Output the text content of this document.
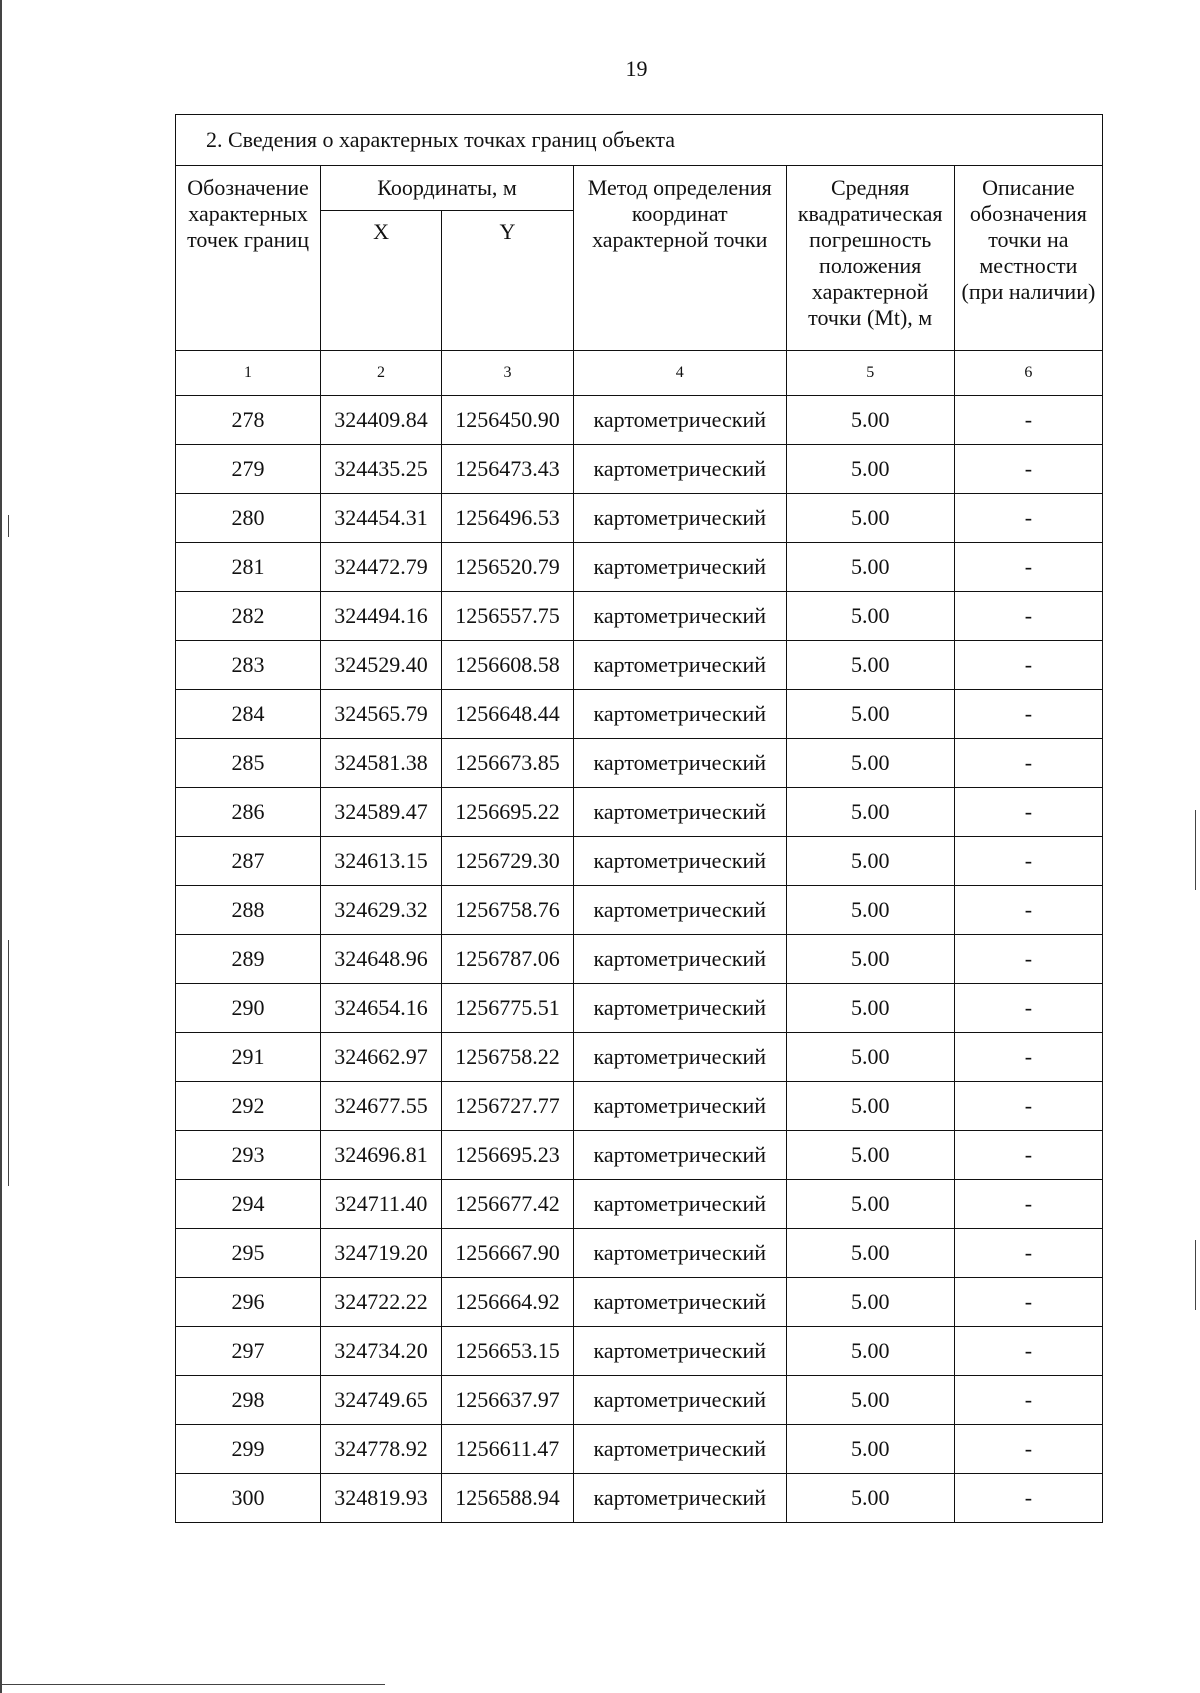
19
2. Сведения о характерных точках границ объекта					
Обозначение характерных точек границ	Координаты, м		Метод определения координат характерной точки	Средняя квадратическая погрешность положения характерной точки (Mt), м	Описание обозначения точки на местности (при наличии)
	X	Y			
1	2	3	4	5	6
278	324409.84	1256450.90	картометрический	5.00	-
279	324435.25	1256473.43	картометрический	5.00	-
280	324454.31	1256496.53	картометрический	5.00	-
281	324472.79	1256520.79	картометрический	5.00	-
282	324494.16	1256557.75	картометрический	5.00	-
283	324529.40	1256608.58	картометрический	5.00	-
284	324565.79	1256648.44	картометрический	5.00	-
285	324581.38	1256673.85	картометрический	5.00	-
286	324589.47	1256695.22	картометрический	5.00	-
287	324613.15	1256729.30	картометрический	5.00	-
288	324629.32	1256758.76	картометрический	5.00	-
289	324648.96	1256787.06	картометрический	5.00	-
290	324654.16	1256775.51	картометрический	5.00	-
291	324662.97	1256758.22	картометрический	5.00	-
292	324677.55	1256727.77	картометрический	5.00	-
293	324696.81	1256695.23	картометрический	5.00	-
294	324711.40	1256677.42	картометрический	5.00	-
295	324719.20	1256667.90	картометрический	5.00	-
296	324722.22	1256664.92	картометрический	5.00	-
297	324734.20	1256653.15	картометрический	5.00	-
298	324749.65	1256637.97	картометрический	5.00	-
299	324778.92	1256611.47	картометрический	5.00	-
300	324819.93	1256588.94	картометрический	5.00	-
